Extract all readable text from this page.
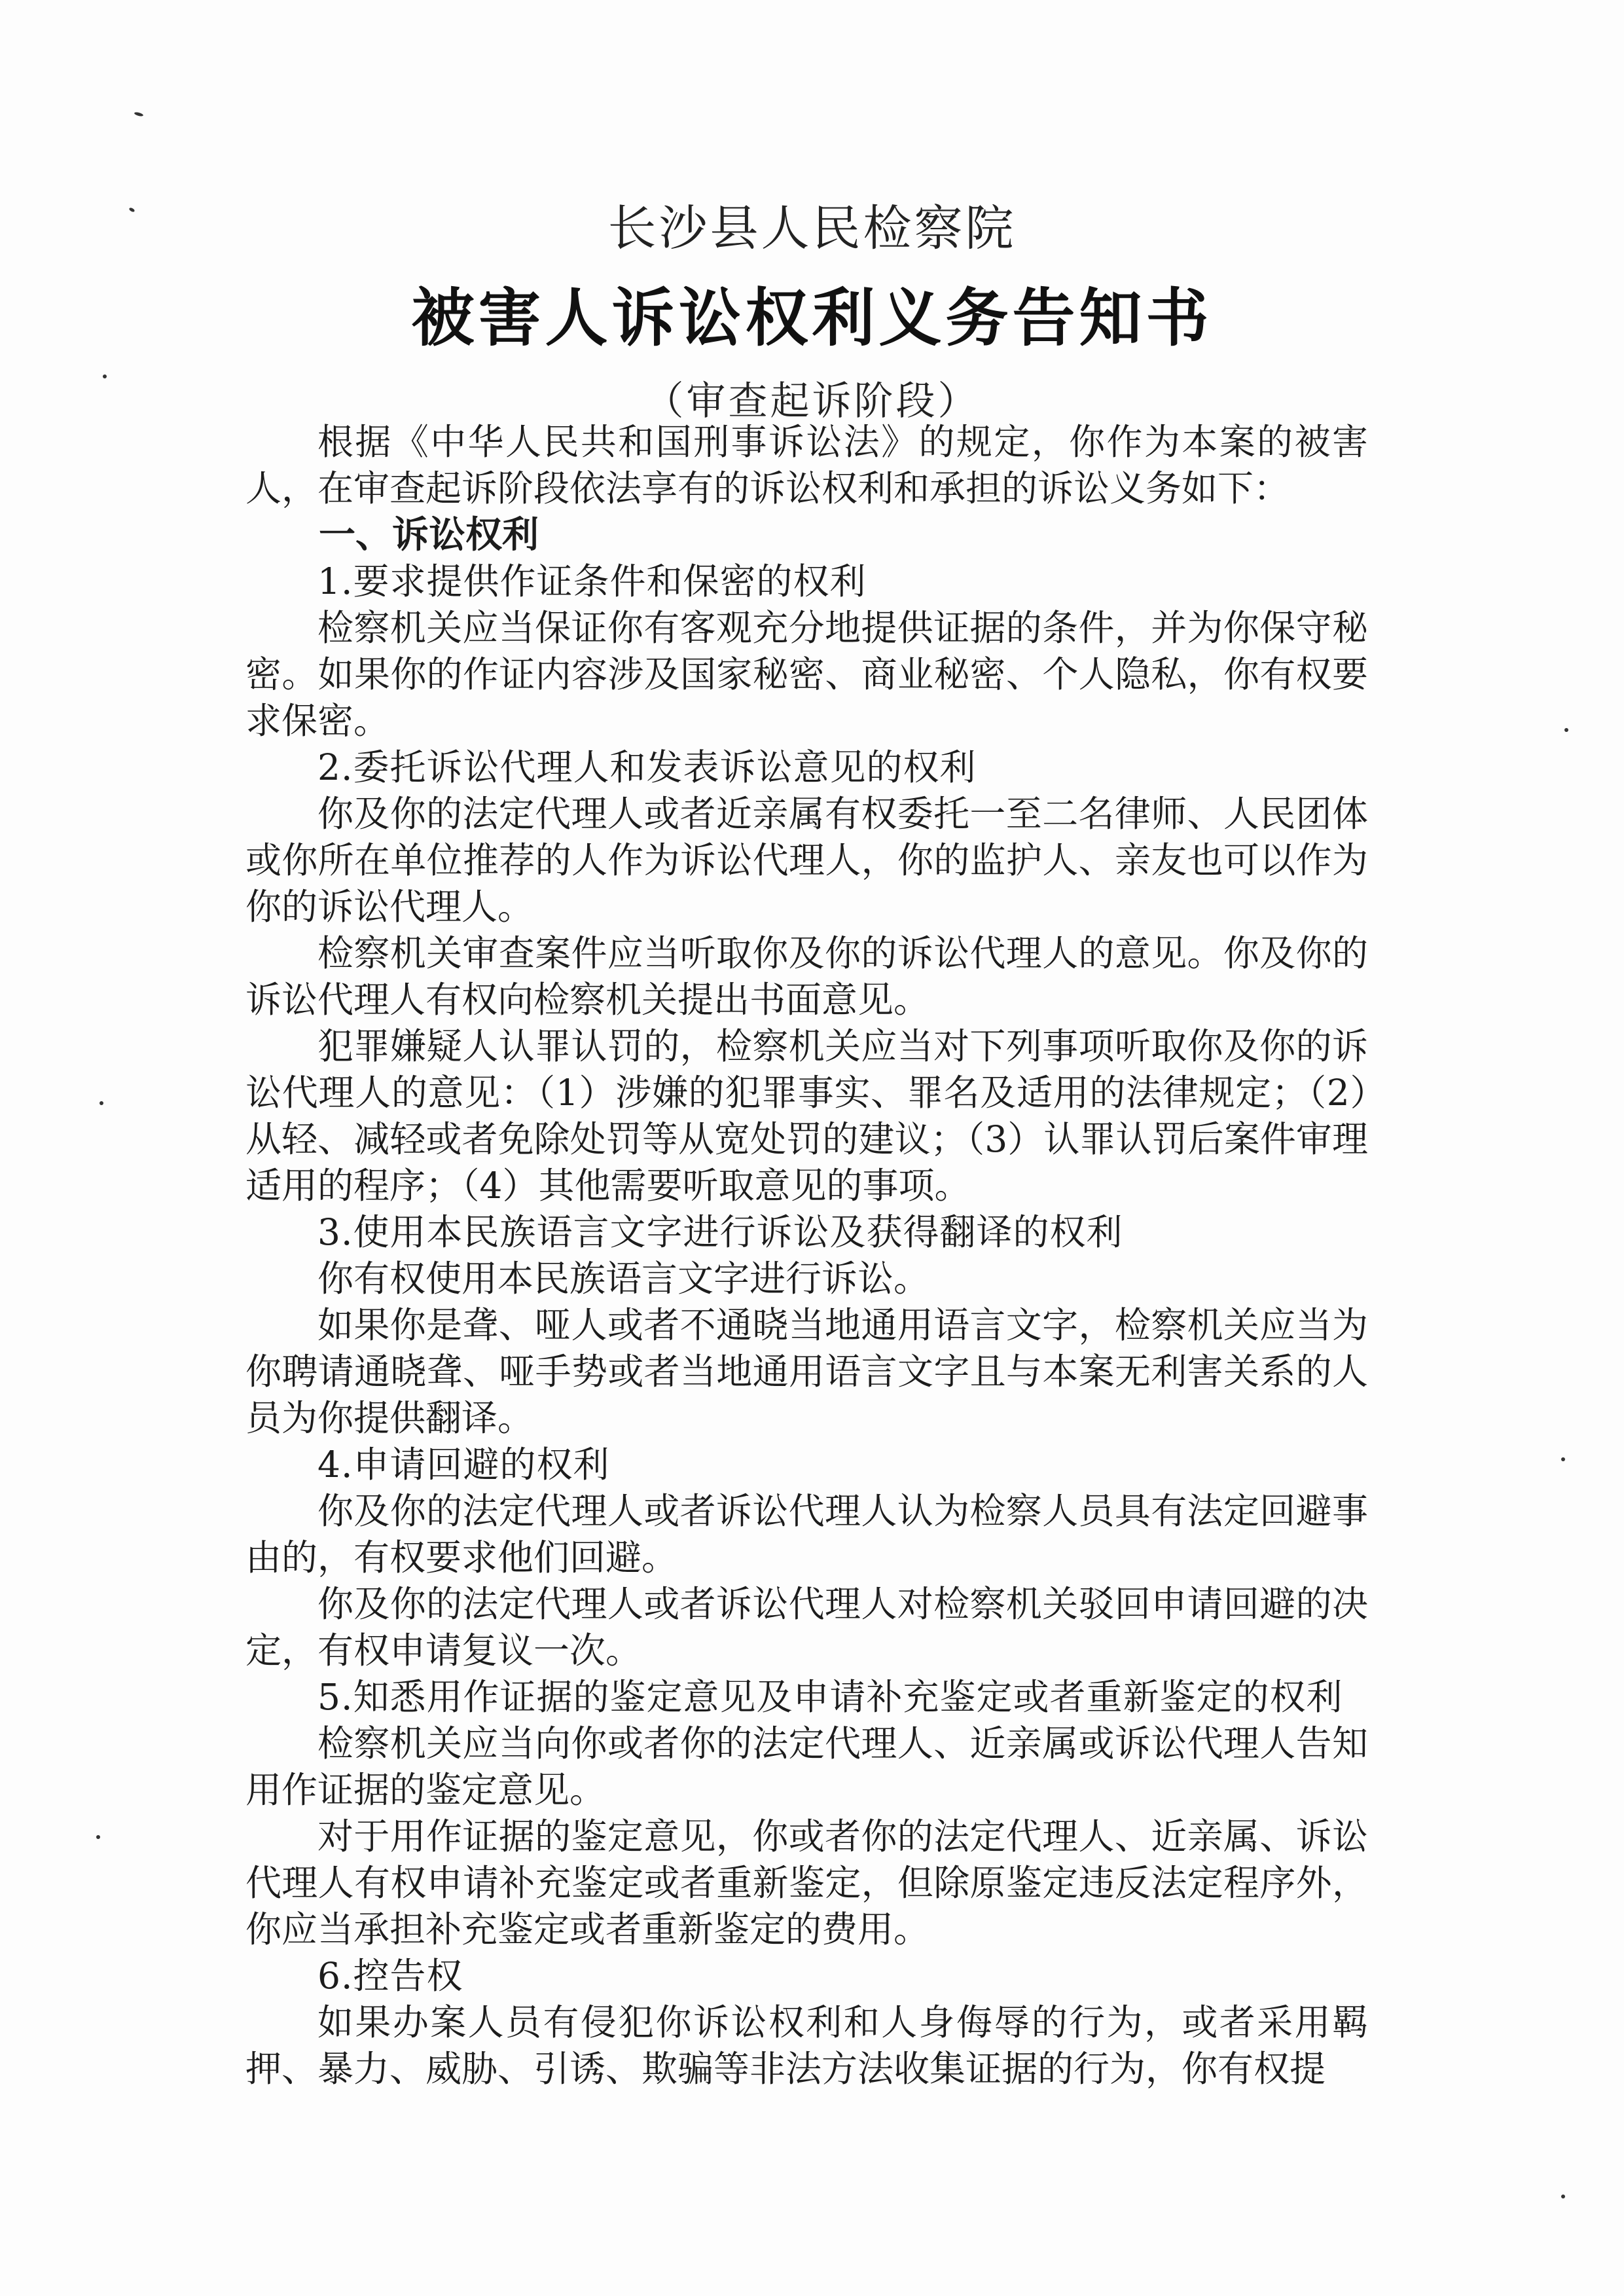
长沙县人民检察院
被害人诉讼权利义务告知书
（审查起诉阶段）

根据《中华人民共和国刑事诉讼法》的规定，你作为本案的被害人，在审查起诉阶段依法享有的诉讼权利和承担的诉讼义务如下：

一、诉讼权利

1.要求提供作证条件和保密的权利

检察机关应当保证你有客观充分地提供证据的条件，并为你保守秘密。如果你的作证内容涉及国家秘密、商业秘密、个人隐私，你有权要求保密。

2.委托诉讼代理人和发表诉讼意见的权利

你及你的法定代理人或者近亲属有权委托一至二名律师、人民团体或你所在单位推荐的人作为诉讼代理人，你的监护人、亲友也可以作为你的诉讼代理人。

检察机关审查案件应当听取你及你的诉讼代理人的意见。你及你的诉讼代理人有权向检察机关提出书面意见。

犯罪嫌疑人认罪认罚的，检察机关应当对下列事项听取你及你的诉讼代理人的意见：（1）涉嫌的犯罪事实、罪名及适用的法律规定；（2）从轻、减轻或者免除处罚等从宽处罚的建议；（3）认罪认罚后案件审理适用的程序；（4）其他需要听取意见的事项。

3.使用本民族语言文字进行诉讼及获得翻译的权利

你有权使用本民族语言文字进行诉讼。

如果你是聋、哑人或者不通晓当地通用语言文字，检察机关应当为你聘请通晓聋、哑手势或者当地通用语言文字且与本案无利害关系的人员为你提供翻译。

4.申请回避的权利

你及你的法定代理人或者诉讼代理人认为检察人员具有法定回避事由的，有权要求他们回避。

你及你的法定代理人或者诉讼代理人对检察机关驳回申请回避的决定，有权申请复议一次。

5.知悉用作证据的鉴定意见及申请补充鉴定或者重新鉴定的权利

检察机关应当向你或者你的法定代理人、近亲属或诉讼代理人告知用作证据的鉴定意见。

对于用作证据的鉴定意见，你或者你的法定代理人、近亲属、诉讼代理人有权申请补充鉴定或者重新鉴定，但除原鉴定违反法定程序外，你应当承担补充鉴定或者重新鉴定的费用。

6.控告权

如果办案人员有侵犯你诉讼权利和人身侮辱的行为，或者采用羁押、暴力、威胁、引诱、欺骗等非法方法收集证据的行为，你有权提
